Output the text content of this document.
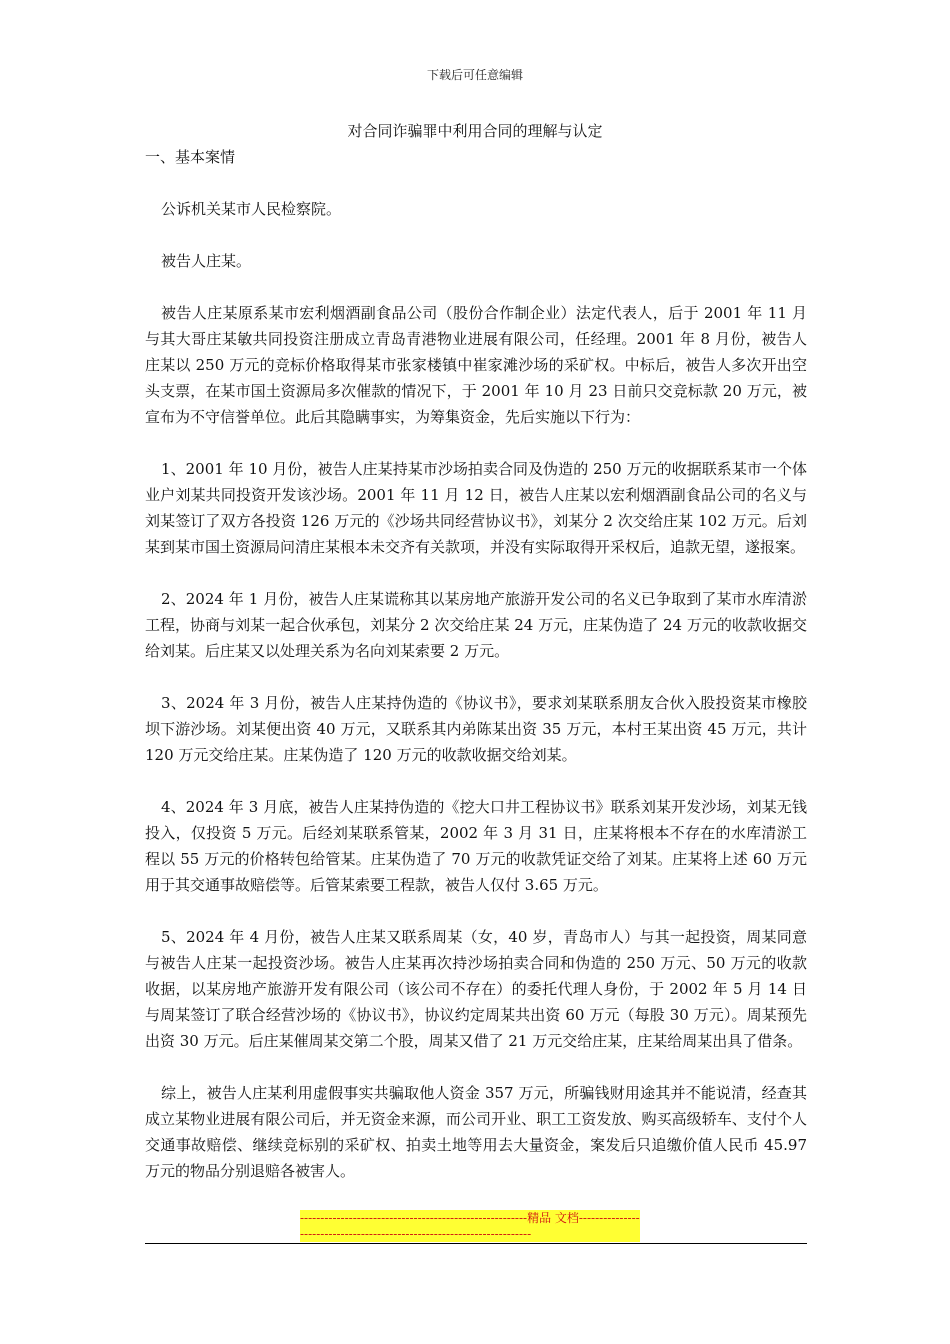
下载后可任意编辑
对合同诈骗罪中利用合同的理解与认定

一、基本案情

公诉机关某市人民检察院。

被告人庄某。

被告人庄某原系某市宏利烟酒副食品公司（股份合作制企业）法定代表人，后于 2001 年 11 月与其大哥庄某敏共同投资注册成立青岛青港物业进展有限公司，任经理。2001 年 8 月份，被告人庄某以 250 万元的竞标价格取得某市张家楼镇中崔家滩沙场的采矿权。中标后，被告人多次开出空头支票，在某市国土资源局多次催款的情况下，于 2001 年 10 月 23 日前只交竞标款 20 万元，被宣布为不守信誉单位。此后其隐瞒事实，为筹集资金，先后实施以下行为：

1、2001 年 10 月份，被告人庄某持某市沙场拍卖合同及伪造的 250 万元的收据联系某市一个体业户刘某共同投资开发该沙场。2001 年 11 月 12 日，被告人庄某以宏利烟酒副食品公司的名义与刘某签订了双方各投资 126 万元的《沙场共同经营协议书》，刘某分 2 次交给庄某 102 万元。后刘某到某市国土资源局问清庄某根本未交齐有关款项，并没有实际取得开采权后，追款无望，遂报案。

2、2024 年 1 月份，被告人庄某谎称其以某房地产旅游开发公司的名义已争取到了某市水库清淤工程，协商与刘某一起合伙承包，刘某分 2 次交给庄某 24 万元，庄某伪造了 24 万元的收款收据交给刘某。后庄某又以处理关系为名向刘某索要 2 万元。

3、2024 年 3 月份，被告人庄某持伪造的《协议书》，要求刘某联系朋友合伙入股投资某市橡胶坝下游沙场。刘某便出资 40 万元，又联系其内弟陈某出资 35 万元，本村王某出资 45 万元，共计 120 万元交给庄某。庄某伪造了 120 万元的收款收据交给刘某。

4、2024 年 3 月底，被告人庄某持伪造的《挖大口井工程协议书》联系刘某开发沙场，刘某无钱投入，仅投资 5 万元。后经刘某联系管某，2002 年 3 月 31 日，庄某将根本不存在的水库清淤工程以 55 万元的价格转包给管某。庄某伪造了 70 万元的收款凭证交给了刘某。庄某将上述 60 万元用于其交通事故赔偿等。后管某索要工程款，被告人仅付 3.65 万元。

5、2024 年 4 月份，被告人庄某又联系周某（女，40 岁，青岛市人）与其一起投资，周某同意与被告人庄某一起投资沙场。被告人庄某再次持沙场拍卖合同和伪造的 250 万元、50 万元的收款收据，以某房地产旅游开发有限公司（该公司不存在）的委托代理人身份，于 2002 年 5 月 14 日与周某签订了联合经营沙场的《协议书》，协议约定周某共出资 60 万元（每股 30 万元）。周某预先出资 30 万元。后庄某催周某交第二个股，周某又借了 21 万元交给庄某，庄某给周某出具了借条。

综上，被告人庄某利用虚假事实共骗取他人资金 357 万元，所骗钱财用途其并不能说清，经查其成立某物业进展有限公司后，并无资金来源，而公司开业、职工工资发放、购买高级轿车、支付个人交通事故赔偿、继续竞标别的采矿权、拍卖土地等用去大量资金，案发后只追缴价值人民币 45.97 万元的物品分别退赔各被害人。

--------------------------------------------------------精品 文档------------------------------------------------------------------------
